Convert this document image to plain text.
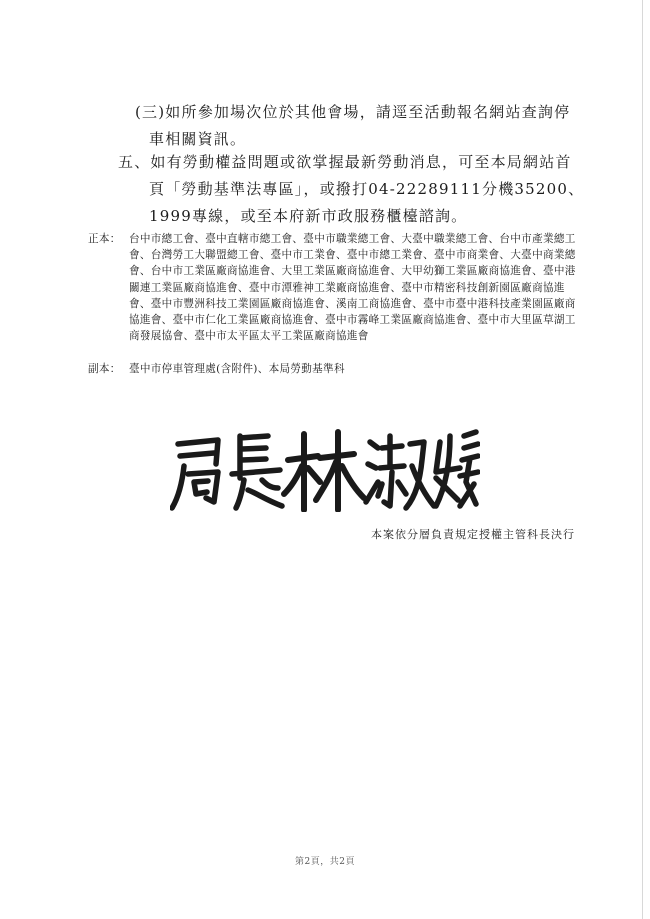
(三)如所參加場次位於其他會場，請逕至活動報名網站查詢停
車相關資訊。
五、如有勞動權益問題或欲掌握最新勞動消息，可至本局網站首
頁「勞動基準法專區」，或撥打04-22289111分機35200、
1999專線，或至本府新市政服務櫃檯諮詢。
正本： 台中市總工會、臺中直轄市總工會、臺中市職業總工會、大臺中職業總工會、台中市產業總工會、台灣勞工大聯盟總工會、臺中市工業會、臺中市總工業會、臺中市商業會、大臺中商業總會、台中市工業區廠商協進會、大里工業區廠商協進會、大甲幼獅工業區廠商協進會、臺中港關連工業區廠商協進會、臺中市潭雅神工業廠商協進會、臺中市精密科技創新園區廠商協進會、臺中市豐洲科技工業園區廠商協進會、溪南工商協進會、臺中市臺中港科技產業園區廠商協進會、臺中市仁化工業區廠商協進會、臺中市霧峰工業區廠商協進會、臺中市大里區草湖工商發展協會、臺中市太平區太平工業區廠商協進會
副本： 臺中市停車管理處(含附件)、本局勞動基準科
本案依分層負責規定授權主管科長決行
第2頁，共2頁
